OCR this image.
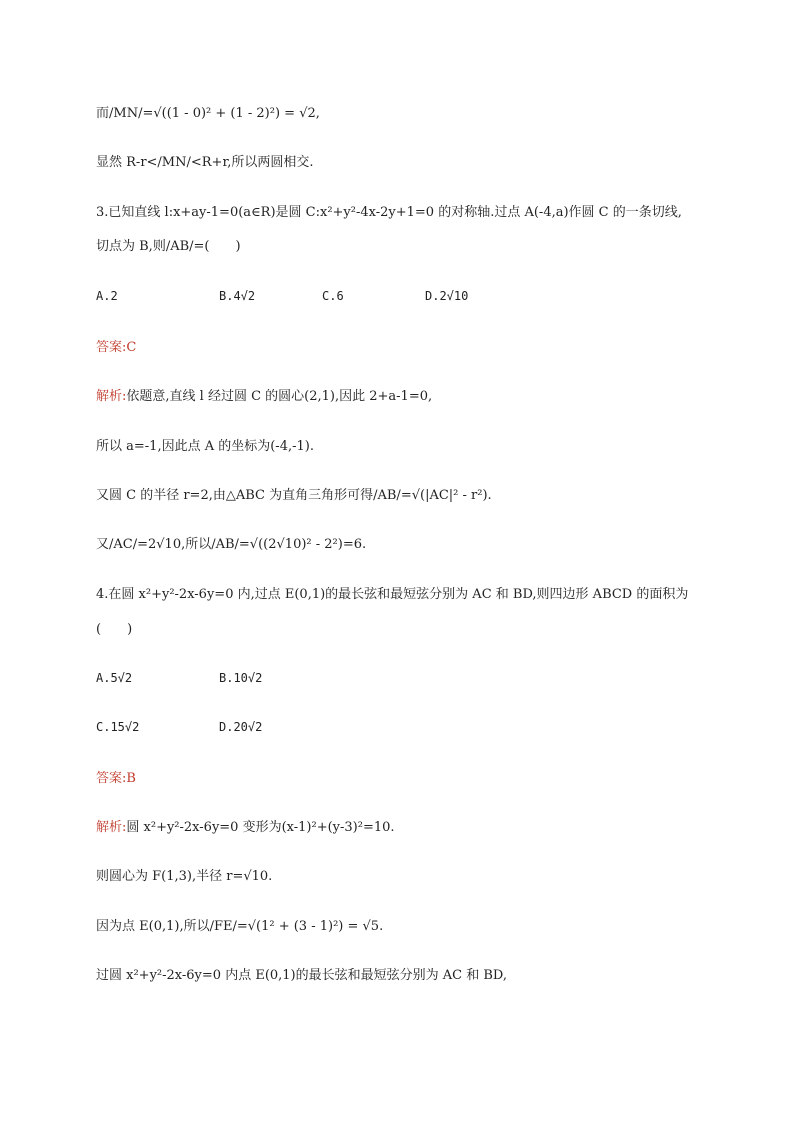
而/MN/=√((1 - 0)² + (1 - 2)²) = √2,
显然 R-r</MN/<R+r,所以两圆相交.
3.已知直线 l:x+ay-1=0(a∈R)是圆 C:x²+y²-4x-2y+1=0 的对称轴.过点 A(-4,a)作圆 C 的一条切线,
切点为 B,则/AB/=(　　)
A.2	B.4√2	C.6	D.2√10
答案:C
解析:依题意,直线 l 经过圆 C 的圆心(2,1),因此 2+a-1=0,
所以 a=-1,因此点 A 的坐标为(-4,-1).
又圆 C 的半径 r=2,由△ABC 为直角三角形可得/AB/=√(|AC|² - r²).
又/AC/=2√10,所以/AB/=√((2√10)² - 2²)=6.
4.在圆 x²+y²-2x-6y=0 内,过点 E(0,1)的最长弦和最短弦分别为 AC 和 BD,则四边形 ABCD 的面积为
(　　)
A.5√2	B.10√2
C.15√2	D.20√2
答案:B
解析:圆 x²+y²-2x-6y=0 变形为(x-1)²+(y-3)²=10.
则圆心为 F(1,3),半径 r=√10.
因为点 E(0,1),所以/FE/=√(1² + (3 - 1)²) = √5.
过圆 x²+y²-2x-6y=0 内点 E(0,1)的最长弦和最短弦分别为 AC 和 BD,
